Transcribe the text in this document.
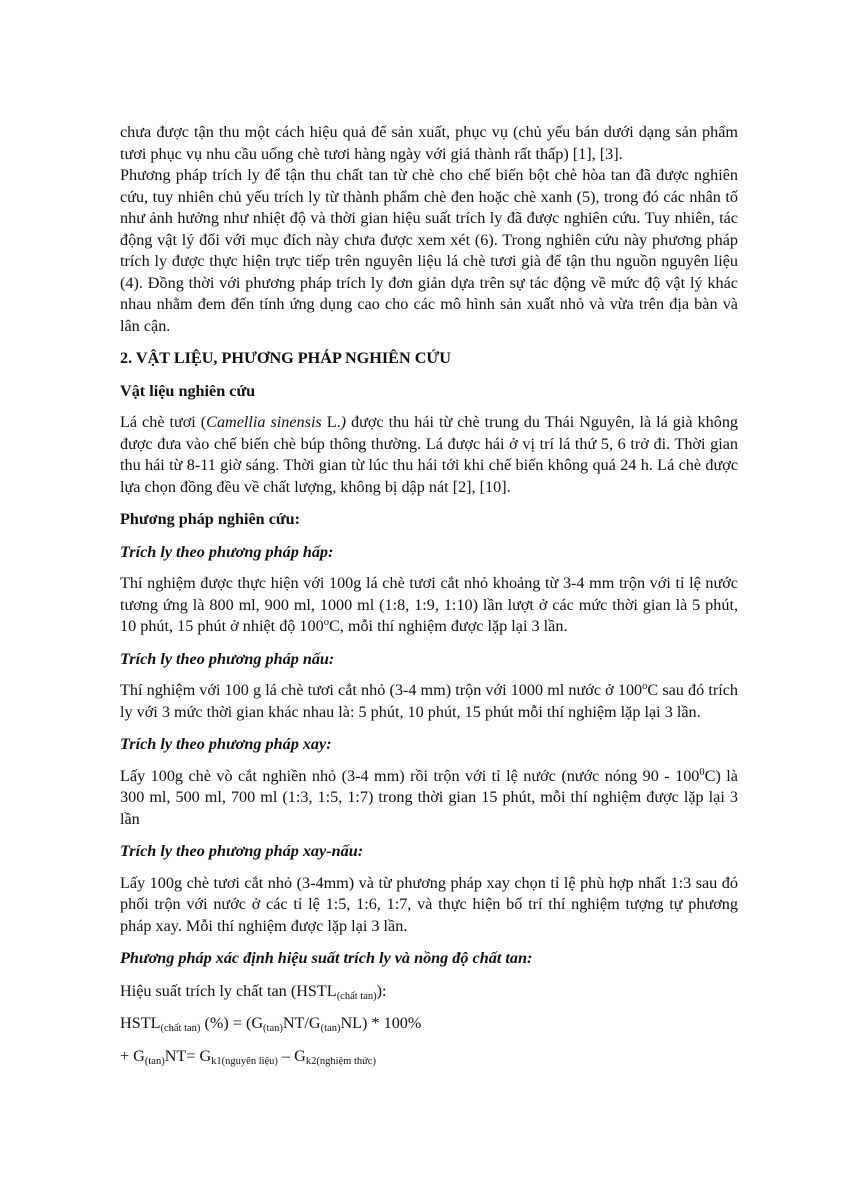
chưa được tận thu một cách hiệu quả để sản xuất, phục vụ (chủ yếu bán dưới dạng sản phẩm tươi phục vụ nhu cầu uống chè tươi hàng ngày với giá thành rất thấp) [1], [3].

Phương pháp trích ly để tận thu chất tan từ chè cho chế biến bột chè hòa tan đã được nghiên cứu, tuy nhiên chủ yếu trích ly từ thành phẩm chè đen hoặc chè xanh (5), trong đó các nhân tố như ảnh hưởng như nhiệt độ và thời gian hiệu suất trích ly đã được nghiên cứu. Tuy nhiên, tác động vật lý đối với mục đích này chưa được xem xét (6). Trong nghiên cứu này phương pháp trích ly được thực hiện trực tiếp trên nguyên liệu lá chè tươi già để tận thu nguồn nguyên liệu (4). Đồng thời với phương pháp trích ly đơn giản dựa trên sự tác động về mức độ vật lý khác nhau nhằm đem đến tính ứng dụng cao cho các mô hình sản xuất nhỏ và vừa trên địa bàn và lân cận.

2. VẬT LIỆU, PHƯƠNG PHÁP NGHIÊN CỨU

Vật liệu nghiên cứu

Lá chè tươi (Camellia sinensis L.) được thu hái từ chè trung du Thái Nguyên, là lá già không được đưa vào chế biến chè búp thông thường. Lá được hái ở vị trí lá thứ 5, 6 trở đi. Thời gian thu hái từ 8-11 giờ sáng. Thời gian từ lúc thu hái tới khi chế biến không quá 24 h. Lá chè được lựa chọn đồng đều về chất lượng, không bị dập nát [2], [10].

Phương pháp nghiên cứu:

Trích ly theo phương pháp hấp:

Thí nghiệm được thực hiện với 100g lá chè tươi cắt nhỏ khoảng từ 3-4 mm trộn với tỉ lệ nước tương ứng là 800 ml, 900 ml, 1000 ml (1:8, 1:9, 1:10) lần lượt ở các mức thời gian là 5 phút, 10 phút, 15 phút ở nhiệt độ 100$^o$C, mỗi thí nghiệm được lặp lại 3 lần.

Trích ly theo phương pháp nấu:

Thí nghiệm với 100 g lá chè tươi cắt nhỏ (3-4 mm) trộn với 1000 ml nước ở 100$^o$C sau đó trích ly với 3 mức thời gian khác nhau là: 5 phút, 10 phút, 15 phút mỗi thí nghiệm lặp lại 3 lần.

Trích ly theo phương pháp xay:

Lấy 100g chè vò cắt nghiền nhỏ (3-4 mm) rồi trộn với tỉ lệ nước (nước nóng $90 - 100^0C$) là 300 ml, 500 ml, 700 ml (1:3, 1:5, 1:7) trong thời gian 15 phút, mỗi thí nghiệm được lặp lại 3 lần

Trích ly theo phương pháp xay-nấu:

Lấy 100g chè tươi cắt nhỏ (3-4mm) và từ phương pháp xay chọn tỉ lệ phù hợp nhất 1:3 sau đó phối trộn với nước ở các tỉ lệ 1:5, 1:6, 1:7, và thực hiện bố trí thí nghiệm tượng tự phương pháp xay. Mỗi thí nghiệm được lặp lại 3 lần.

Phương pháp xác định hiệu suất trích ly và nồng độ chất tan:

Hiệu suất trích ly chất $\tan (HSTL_{(chất tan)})$:

$HSTL_{(chất tan)}$ (%) = $(G_{(tan)}NT/G_{(tan)}NL) * 100\%$

+ $G_{(tan)}NT= G_{k1(nguyên liệu)} - G_{k2(nghiệm thức)}$
